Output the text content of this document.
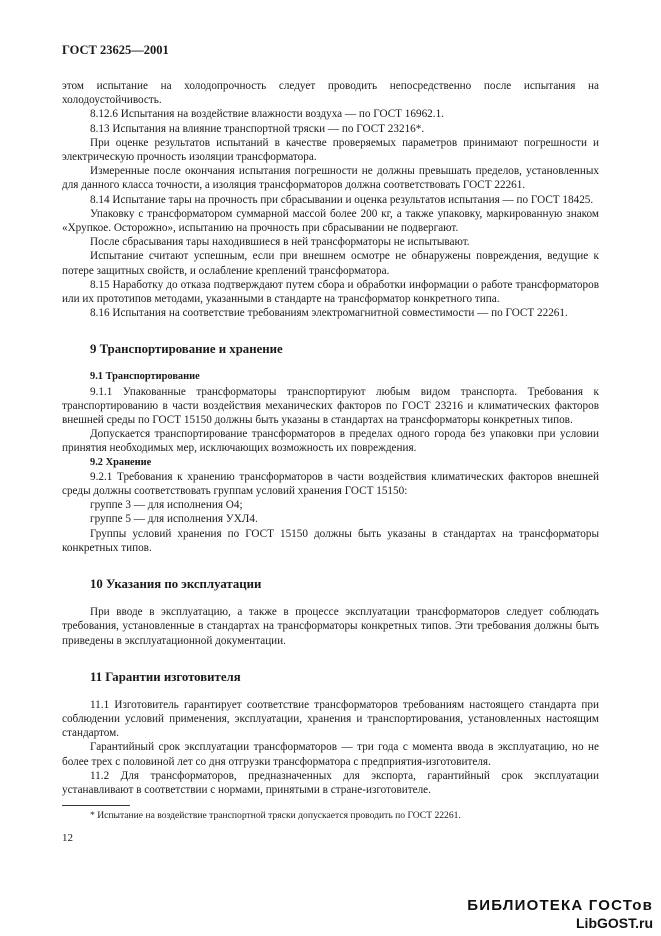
ГОСТ 23625—2001

этом испытание на холодопрочность следует проводить непосредственно после испытания на холодоустойчивость.

8.12.6 Испытания на воздействие влажности воздуха — по ГОСТ 16962.1.

8.13 Испытания на влияние транспортной тряски — по ГОСТ 23216*.

При оценке результатов испытаний в качестве проверяемых параметров принимают погрешности и электрическую прочность изоляции трансформатора.

Измеренные после окончания испытания погрешности не должны превышать пределов, установленных для данного класса точности, а изоляция трансформаторов должна соответствовать ГОСТ 22261.

8.14 Испытание тары на прочность при сбрасывании и оценка результатов испытания — по ГОСТ 18425.

Упаковку с трансформатором суммарной массой более 200 кг, а также упаковку, маркированную знаком «Хрупкое. Осторожно», испытанию на прочность при сбрасывании не подвергают.

После сбрасывания тары находившиеся в ней трансформаторы не испытывают.

Испытание считают успешным, если при внешнем осмотре не обнаружены повреждения, ведущие к потере защитных свойств, и ослабление креплений трансформатора.

8.15 Наработку до отказа подтверждают путем сбора и обработки информации о работе трансформаторов или их прототипов методами, указанными в стандарте на трансформатор конкретного типа.

8.16 Испытания на соответствие требованиям электромагнитной совместимости — по ГОСТ 22261.

9 Транспортирование и хранение
9.1 Транспортирование

9.1.1 Упакованные трансформаторы транспортируют любым видом транспорта. Требования к транспортированию в части воздействия механических факторов по ГОСТ 23216 и климатических факторов внешней среды по ГОСТ 15150 должны быть указаны в стандартах на трансформаторы конкретных типов.

Допускается транспортирование трансформаторов в пределах одного города без упаковки при условии принятия необходимых мер, исключающих возможность их повреждения.

9.2 Хранение

9.2.1 Требования к хранению трансформаторов в части воздействия климатических факторов внешней среды должны соответствовать группам условий хранения ГОСТ 15150:

группе 3 — для исполнения О4;

группе 5 — для исполнения УХЛ4.

Группы условий хранения по ГОСТ 15150 должны быть указаны в стандартах на трансформаторы конкретных типов.

10 Указания по эксплуатации

При вводе в эксплуатацию, а также в процессе эксплуатации трансформаторов следует соблюдать требования, установленные в стандартах на трансформаторы конкретных типов. Эти требования должны быть приведены в эксплуатационной документации.

11 Гарантии изготовителя

11.1 Изготовитель гарантирует соответствие трансформаторов требованиям настоящего стандарта при соблюдении условий применения, эксплуатации, хранения и транспортирования, установленных настоящим стандартом.

Гарантийный срок эксплуатации трансформаторов — три года с момента ввода в эксплуатацию, но не более трех с половиной лет со дня отгрузки трансформатора с предприятия-изготовителя.

11.2 Для трансформаторов, предназначенных для экспорта, гарантийный срок эксплуатации устанавливают в соответствии с нормами, принятыми в стране-изготовителе.

* Испытание на воздействие транспортной тряски допускается проводить по ГОСТ 22261.
12
БИБЛИОТЕКА ГОСТов
LibGOST.ru
